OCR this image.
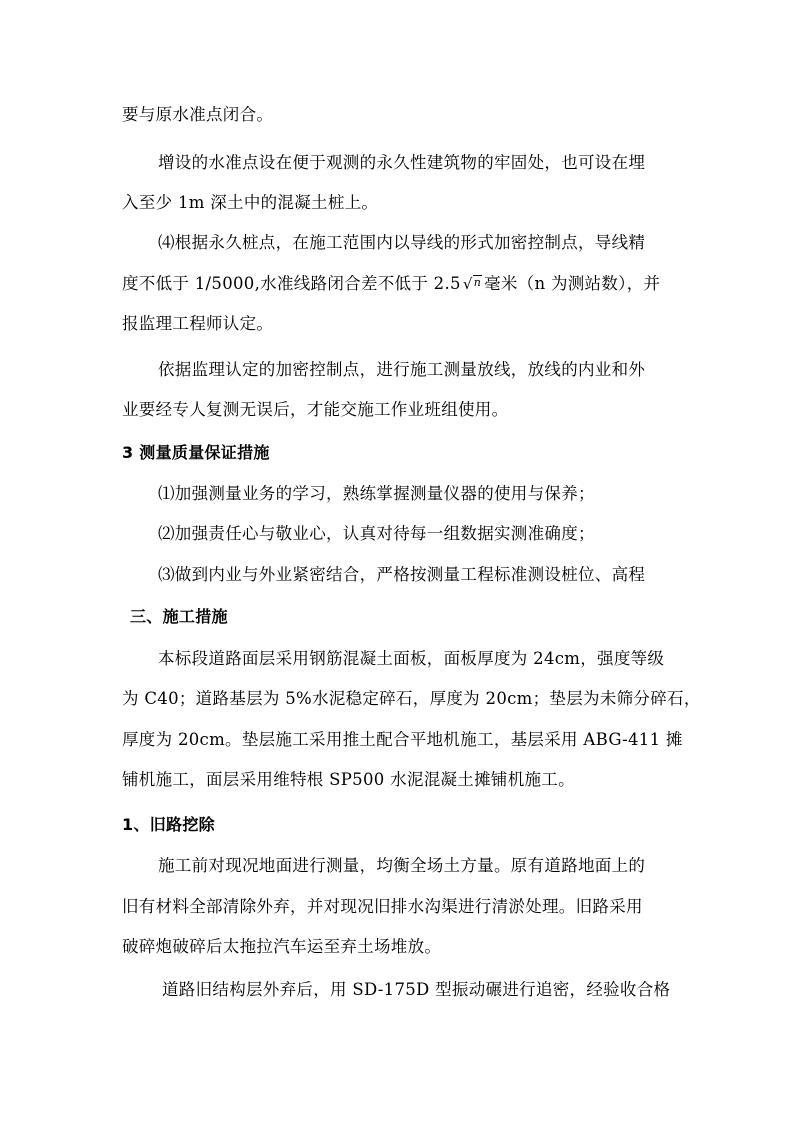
要与原水准点闭合。
增设的水准点设在便于观测的永久性建筑物的牢固处，也可设在埋
入至少 1m 深土中的混凝土桩上。
⑷根据永久桩点，在施工范围内以导线的形式加密控制点，导线精
度不低于 1/5000,水准线路闭合差不低于 2.5 √$^n$ 毫米（n 为测站数），并
报监理工程师认定。
依据监理认定的加密控制点，进行施工测量放线，放线的内业和外
业要经专人复测无误后，才能交施工作业班组使用。
3 测量质量保证措施
⑴加强测量业务的学习，熟练掌握测量仪器的使用与保养；
⑵加强责任心与敬业心，认真对待每一组数据实测准确度；
⑶做到内业与外业紧密结合，严格按测量工程标准测设桩位、高程
三、施工措施
本标段道路面层采用钢筋混凝土面板，面板厚度为 24cm，强度等级
为 C40；道路基层为 5%水泥稳定碎石，厚度为 20cm；垫层为未筛分碎石，
厚度为 20cm。垫层施工采用推土配合平地机施工，基层采用 ABG-411 摊
铺机施工，面层采用维特根 SP500 水泥混凝土摊铺机施工。
1、旧路挖除
施工前对现况地面进行测量，均衡全场土方量。原有道路地面上的
旧有材料全部清除外弃，并对现况旧排水沟渠进行清淤处理。旧路采用
破碎炮破碎后太拖拉汽车运至弃土场堆放。
道路旧结构层外弃后，用 SD-175D 型振动碾进行追密，经验收合格
